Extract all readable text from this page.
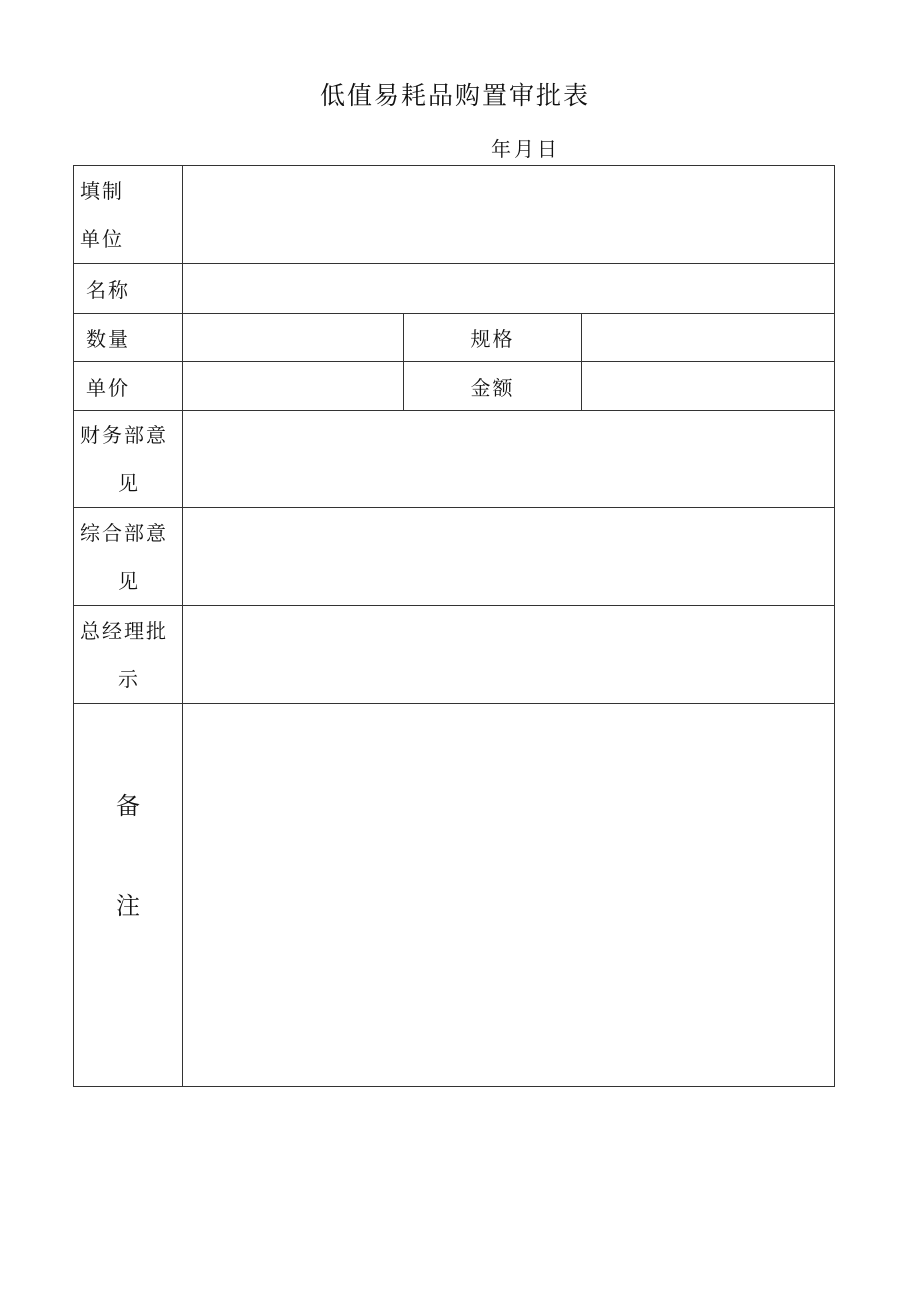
低值易耗品购置审批表
年月日
填制
单位			

名称			
数量		规格	
单价		金额	

财务部意
见			

综合部意
见			

总经理批
示			

备
注			
